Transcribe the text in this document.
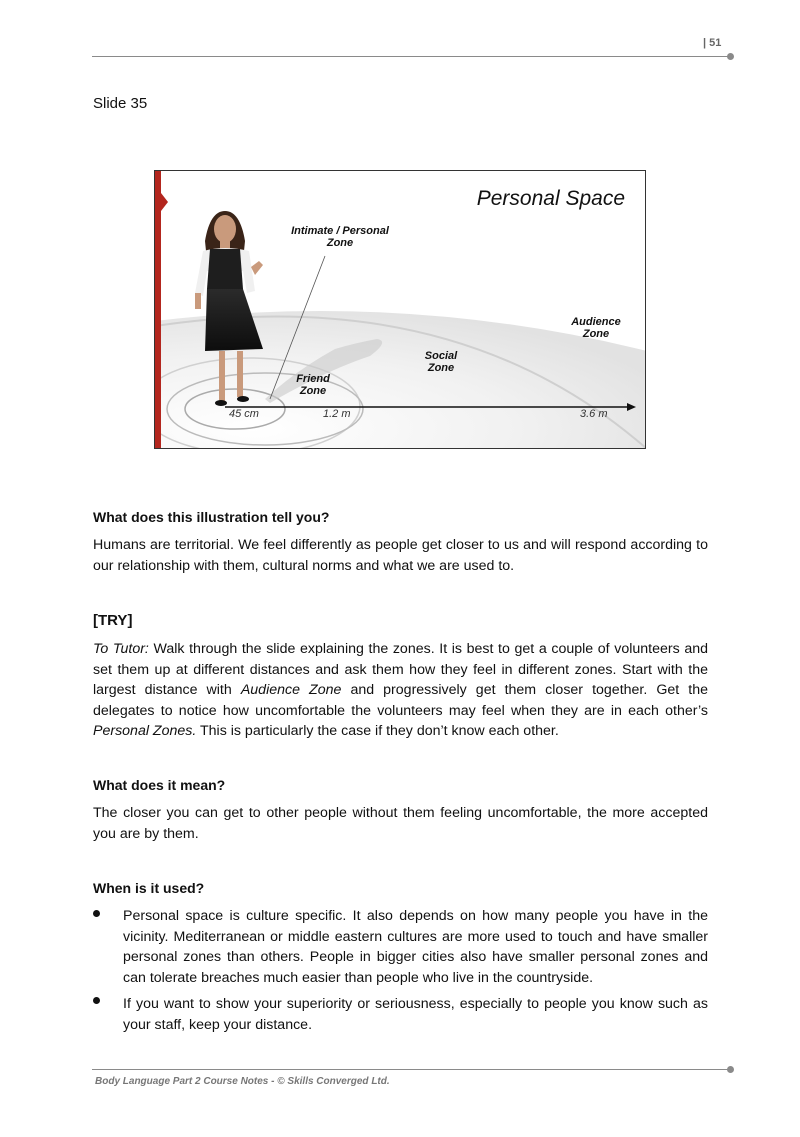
| 51
Slide 35
Personal Space
Intimate / Personal
Zone
Friend
Zone
Social
Zone
Audience
Zone
45 cm	1.2 m	3.6 m
What does this illustration tell you?
Humans are territorial. We feel differently as people get closer to us and will respond according to our relationship with them, cultural norms and what we are used to.
[TRY]
To Tutor: Walk through the slide explaining the zones. It is best to get a couple of volunteers and set them up at different distances and ask them how they feel in different zones. Start with the largest distance with Audience Zone and progressively get them closer together. Get the delegates to notice how uncomfortable the volunteers may feel when they are in each other’s Personal Zones. This is particularly the case if they don’t know each other.
What does it mean?
The closer you can get to other people without them feeling uncomfortable, the more accepted you are by them.
When is it used?
Personal space is culture specific. It also depends on how many people you have in the vicinity. Mediterranean or middle eastern cultures are more used to touch and have smaller personal zones than others. People in bigger cities also have smaller personal zones and can tolerate breaches much easier than people who live in the countryside.
If you want to show your superiority or seriousness, especially to people you know such as your staff, keep your distance.
Body Language Part 2 Course Notes - © Skills Converged Ltd.
